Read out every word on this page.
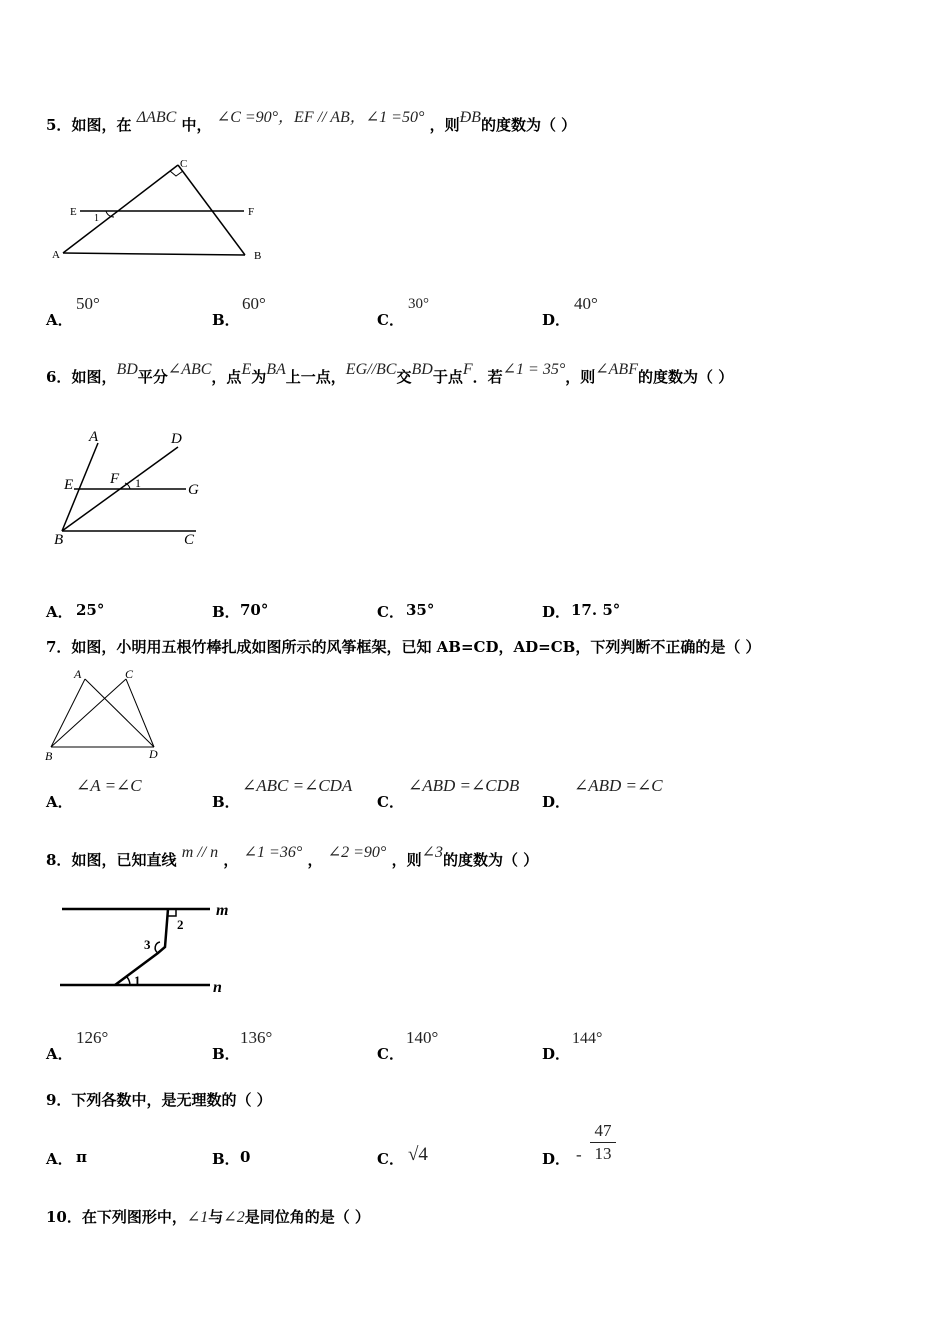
5．如图，在 ΔABC 中， ∠C =90°，EF // AB，∠1 =50° ，则ÐB的度数为（ ）
C
E	F
A	B
1
A．
50°
B．
60°
C．
30°
D．
40°
6．如图，BD平分∠ABC，点E为BA上一点，EG//BC交BD于点F．若∠1 = 35°，则∠ABF的度数为（ ）
A	D
E F
G
B	C
1
A． 25°	B． 70°	C． 35°	D． 17. 5°
7．如图，小明用五根竹棒扎成如图所示的风筝框架，已知 AB=CD，AD=CB，下列判断不正确的是（ ）
A	C
B	D
A．
∠A =∠C
B．
∠ABC =∠CDA
C．
∠ABD =∠CDB
D．
∠ABD =∠C
8．如图，已知直线 m // n ， ∠1 =36° ， ∠2 =90° ，则∠3的度数为（ ）
m
n
1
2
3
A．
126°
B．
136°
C．
140°
D．
144°
9．下列各数中，是无理数的（ ）
A． π	B． 0	C． √4	D． -
47
13
10．在下列图形中，∠1与∠2是同位角的是（ ）
